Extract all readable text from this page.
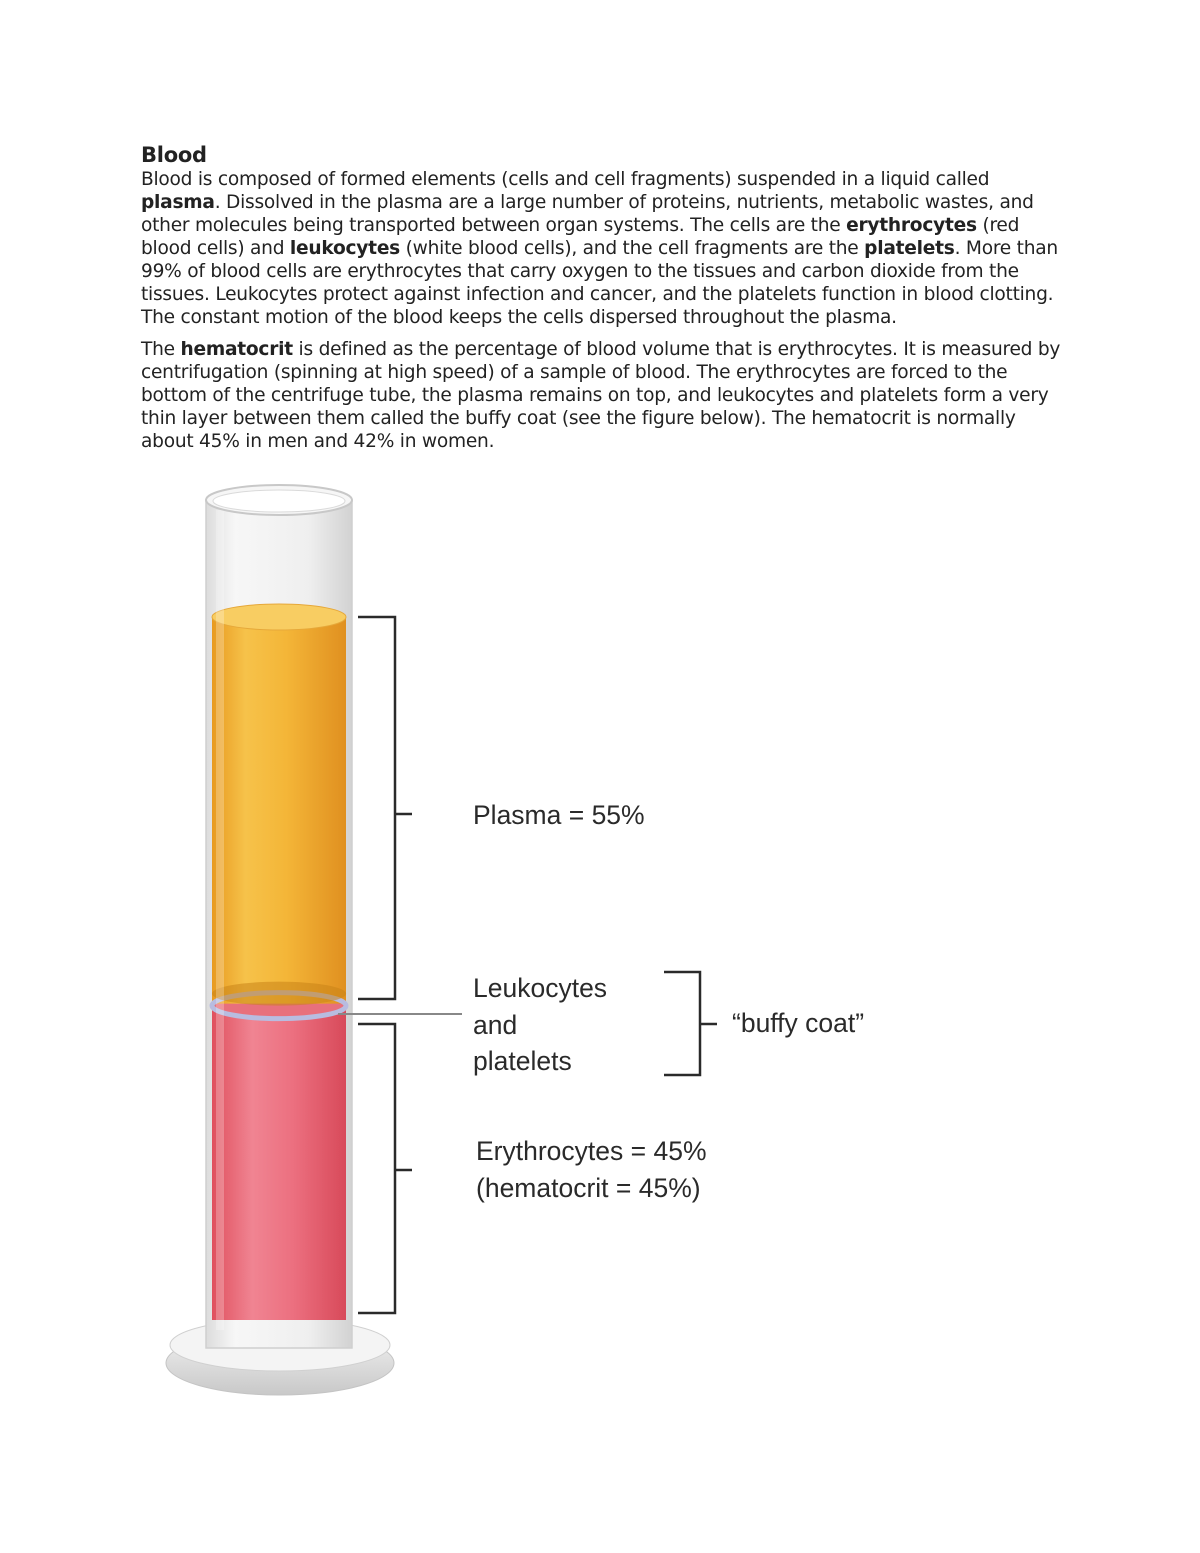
Blood

Blood is composed of formed elements (cells and cell fragments) suspended in a liquid called plasma. Dissolved in the plasma are a large number of proteins, nutrients, metabolic wastes, and other molecules being transported between organ systems. The cells are the erythrocytes (red blood cells) and leukocytes (white blood cells), and the cell fragments are the platelets. More than 99% of blood cells are erythrocytes that carry oxygen to the tissues and carbon dioxide from the tissues. Leukocytes protect against infection and cancer, and the platelets function in blood clotting. The constant motion of the blood keeps the cells dispersed throughout the plasma.

The hematocrit is defined as the percentage of blood volume that is erythrocytes. It is measured by centrifugation (spinning at high speed) of a sample of blood. The erythrocytes are forced to the bottom of the centrifuge tube, the plasma remains on top, and leukocytes and platelets form a very thin layer between them called the buffy coat (see the figure below). The hematocrit is normally about 45% in men and 42% in women.

Plasma = 55%
Leukocytes
and
platelets
“buffy coat”
Erythrocytes = 45%
(hematocrit = 45%)
